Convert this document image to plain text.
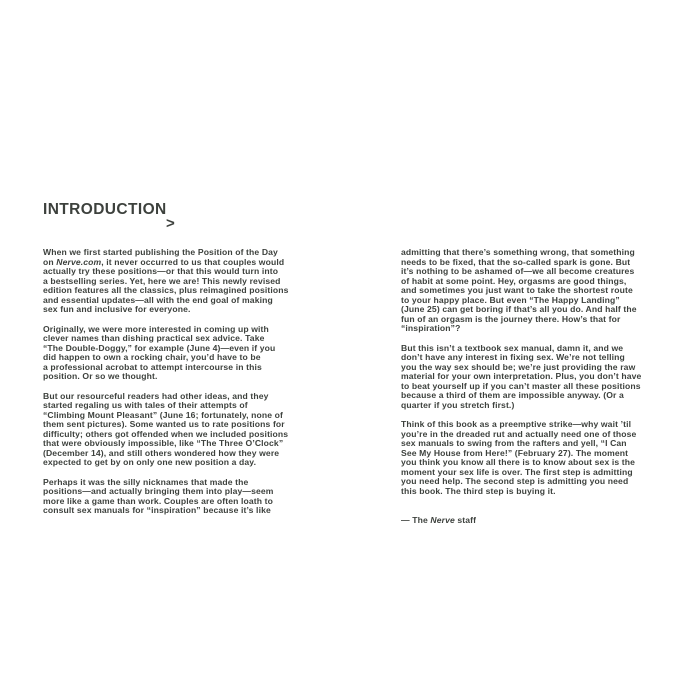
INTRODUCTION
>

When we first started publishing the Position of the Day
on Nerve.com, it never occurred to us that couples would
actually try these positions—or that this would turn into
a bestselling series. Yet, here we are! This newly revised
edition features all the classics, plus reimagined positions
and essential updates—all with the end goal of making
sex fun and inclusive for everyone.

Originally, we were more interested in coming up with
clever names than dishing practical sex advice. Take
“The Double-Doggy,” for example (June 4)—even if you
did happen to own a rocking chair, you’d have to be
a professional acrobat to attempt intercourse in this
position. Or so we thought.

But our resourceful readers had other ideas, and they
started regaling us with tales of their attempts of
“Climbing Mount Pleasant” (June 16; fortunately, none of
them sent pictures). Some wanted us to rate positions for
difficulty; others got offended when we included positions
that were obviously impossible, like “The Three O’Clock”
(December 14), and still others wondered how they were
expected to get by on only one new position a day.

Perhaps it was the silly nicknames that made the
positions—and actually bringing them into play—seem
more like a game than work. Couples are often loath to
consult sex manuals for “inspiration” because it’s like

admitting that there’s something wrong, that something
needs to be fixed, that the so-called spark is gone. But
it’s nothing to be ashamed of—we all become creatures
of habit at some point. Hey, orgasms are good things,
and sometimes you just want to take the shortest route
to your happy place. But even “The Happy Landing”
(June 25) can get boring if that’s all you do. And half the
fun of an orgasm is the journey there. How’s that for
“inspiration”?

But this isn’t a textbook sex manual, damn it, and we
don’t have any interest in fixing sex. We’re not telling
you the way sex should be; we’re just providing the raw
material for your own interpretation. Plus, you don’t have
to beat yourself up if you can’t master all these positions
because a third of them are impossible anyway. (Or a
quarter if you stretch first.)

Think of this book as a preemptive strike—why wait ’til
you’re in the dreaded rut and actually need one of those
sex manuals to swing from the rafters and yell, “I Can
See My House from Here!” (February 27). The moment
you think you know all there is to know about sex is the
moment your sex life is over. The first step is admitting
you need help. The second step is admitting you need
this book. The third step is buying it.

— The Nerve staff
